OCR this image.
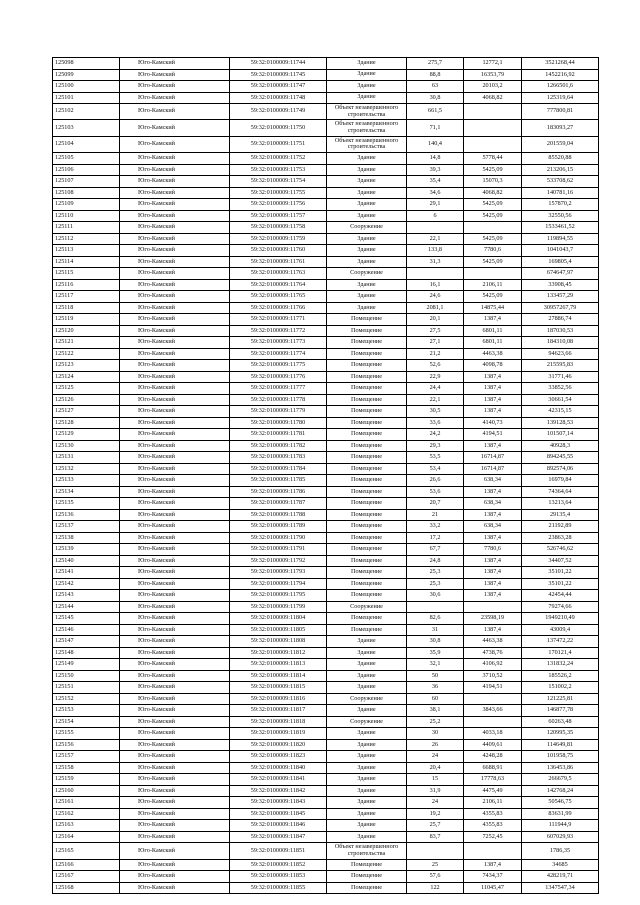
125098	Юго-Камский	59:32:0100009:11744	Здание	275,7	12772,1	3521268,44
125099	Юго-Камский	59:32:0100009:11745	Здание	88,8	16353,79	1452216,92
125100	Юго-Камский	59:32:0100009:11747	Здание	63	20103,2	1266501,6
125101	Юго-Камский	59:32:0100009:11748	Здание	30,8	4068,82	125319,64
125102	Юго-Камский	59:32:0100009:11749	Объект незавершенного строительства	661,5		777800,81
125103	Юго-Камский	59:32:0100009:11750	Объект незавершенного строительства	71,1		183093,27
125104	Юго-Камский	59:32:0100009:11751	Объект незавершенного строительства	140,4		201559,04
125105	Юго-Камский	59:32:0100009:11752	Здание	14,8	5778,44	85520,88
125106	Юго-Камский	59:32:0100009:11753	Здание	39,3	5425,09	213206,15
125107	Юго-Камский	59:32:0100009:11754	Здание	35,4	15070,3	533708,62
125108	Юго-Камский	59:32:0100009:11755	Здание	34,6	4068,82	140781,16
125109	Юго-Камский	59:32:0100009:11756	Здание	29,1	5425,09	157870,2
125110	Юго-Камский	59:32:0100009:11757	Здание	6	5425,09	32550,56
125111	Юго-Камский	59:32:0100009:11758	Сооружение			1533461,52
125112	Юго-Камский	59:32:0100009:11759	Здание	22,1	5425,09	119894,55
125113	Юго-Камский	59:32:0100009:11760	Здание	133,8	7780,6	1041043,7
125114	Юго-Камский	59:32:0100009:11761	Здание	31,3	5425,09	169805,4
125115	Юго-Камский	59:32:0100009:11763	Сооружение			674647,97
125116	Юго-Камский	59:32:0100009:11764	Здание	16,1	2106,11	33908,45
125117	Юго-Камский	59:32:0100009:11765	Здание	24,6	5425,09	133457,29
125118	Юго-Камский	59:32:0100009:11766	Здание	2081,1	14875,44	30957267,79
125119	Юго-Камский	59:32:0100009:11771	Помещение	20,1	1387,4	27886,74
125120	Юго-Камский	59:32:0100009:11772	Помещение	27,5	6801,11	187030,53
125121	Юго-Камский	59:32:0100009:11773	Помещение	27,1	6801,11	184310,08
125122	Юго-Камский	59:32:0100009:11774	Помещение	21,2	4463,38	94623,66
125123	Юго-Камский	59:32:0100009:11775	Помещение	52,6	4098,78	215595,83
125124	Юго-Камский	59:32:0100009:11776	Помещение	22,9	1387,4	31771,46
125125	Юго-Камский	59:32:0100009:11777	Помещение	24,4	1387,4	33852,56
125126	Юго-Камский	59:32:0100009:11778	Помещение	22,1	1387,4	30661,54
125127	Юго-Камский	59:32:0100009:11779	Помещение	30,5	1387,4	42315,15
125128	Юго-Камский	59:32:0100009:11780	Помещение	33,6	4140,73	139128,53
125129	Юго-Камский	59:32:0100009:11781	Помещение	24,2	4194,51	101507,14
125130	Юго-Камский	59:32:0100009:11782	Помещение	29,3	1387,4	40928,3
125131	Юго-Камский	59:32:0100009:11783	Помещение	53,5	16714,87	894245,55
125132	Юго-Камский	59:32:0100009:11784	Помещение	53,4	16714,87	892574,06
125133	Юго-Камский	59:32:0100009:11785	Помещение	26,6	638,34	16979,84
125134	Юго-Камский	59:32:0100009:11786	Помещение	53,6	1387,4	74364,64
125135	Юго-Камский	59:32:0100009:11787	Помещение	20,7	638,34	13213,64
125136	Юго-Камский	59:32:0100009:11788	Помещение	21	1387,4	29135,4
125137	Юго-Камский	59:32:0100009:11789	Помещение	33,2	638,34	21192,89
125138	Юго-Камский	59:32:0100009:11790	Помещение	17,2	1387,4	23863,28
125139	Юго-Камский	59:32:0100009:11791	Помещение	67,7	7780,6	526746,62
125140	Юго-Камский	59:32:0100009:11792	Помещение	24,8	1387,4	34407,52
125141	Юго-Камский	59:32:0100009:11793	Помещение	25,3	1387,4	35101,22
125142	Юго-Камский	59:32:0100009:11794	Помещение	25,3	1387,4	35101,22
125143	Юго-Камский	59:32:0100009:11795	Помещение	30,6	1387,4	42454,44
125144	Юго-Камский	59:32:0100009:11799	Сооружение			79274,66
125145	Юго-Камский	59:32:0100009:11804	Помещение	82,6	23598,19	1949210,49
125146	Юго-Камский	59:32:0100009:11805	Помещение	31	1387,4	43009,4
125147	Юго-Камский	59:32:0100009:11808	Здание	30,8	4463,38	137472,22
125148	Юго-Камский	59:32:0100009:11812	Здание	35,9	4738,76	170121,4
125149	Юго-Камский	59:32:0100009:11813	Здание	32,1	4106,92	131832,24
125150	Юго-Камский	59:32:0100009:11814	Здание	50	3710,52	185526,2
125151	Юго-Камский	59:32:0100009:11815	Здание	36	4194,51	151002,2
125152	Юго-Камский	59:32:0100009:11816	Сооружение	60		121225,81
125153	Юго-Камский	59:32:0100009:11817	Здание	38,1	3843,66	146877,78
125154	Юго-Камский	59:32:0100009:11818	Сооружение	25,2		60263,48
125155	Юго-Камский	59:32:0100009:11819	Здание	30	4033,18	120995,35
125156	Юго-Камский	59:32:0100009:11820	Здание	26	4409,61	114649,81
125157	Юго-Камский	59:32:0100009:11823	Здание	24	4248,28	101958,75
125158	Юго-Камский	59:32:0100009:11840	Здание	20,4	6688,91	136453,86
125159	Юго-Камский	59:32:0100009:11841	Здание	15	17778,63	266679,5
125160	Юго-Камский	59:32:0100009:11842	Здание	31,9	4475,49	142768,24
125161	Юго-Камский	59:32:0100009:11843	Здание	24	2106,11	50546,75
125162	Юго-Камский	59:32:0100009:11845	Здание	19,2	4355,83	83631,99
125163	Юго-Камский	59:32:0100009:11846	Здание	25,7	4355,83	111944,9
125164	Юго-Камский	59:32:0100009:11847	Здание	83,7	7252,45	607029,93
125165	Юго-Камский	59:32:0100009:11851	Объект незавершенного строительства			1786,35
125166	Юго-Камский	59:32:0100009:11852	Помещение	25	1387,4	34685
125167	Юго-Камский	59:32:0100009:11853	Помещение	57,6	7434,37	428219,71
125168	Юго-Камский	59:32:0100009:11855	Помещение	122	11045,47	1347547,34
